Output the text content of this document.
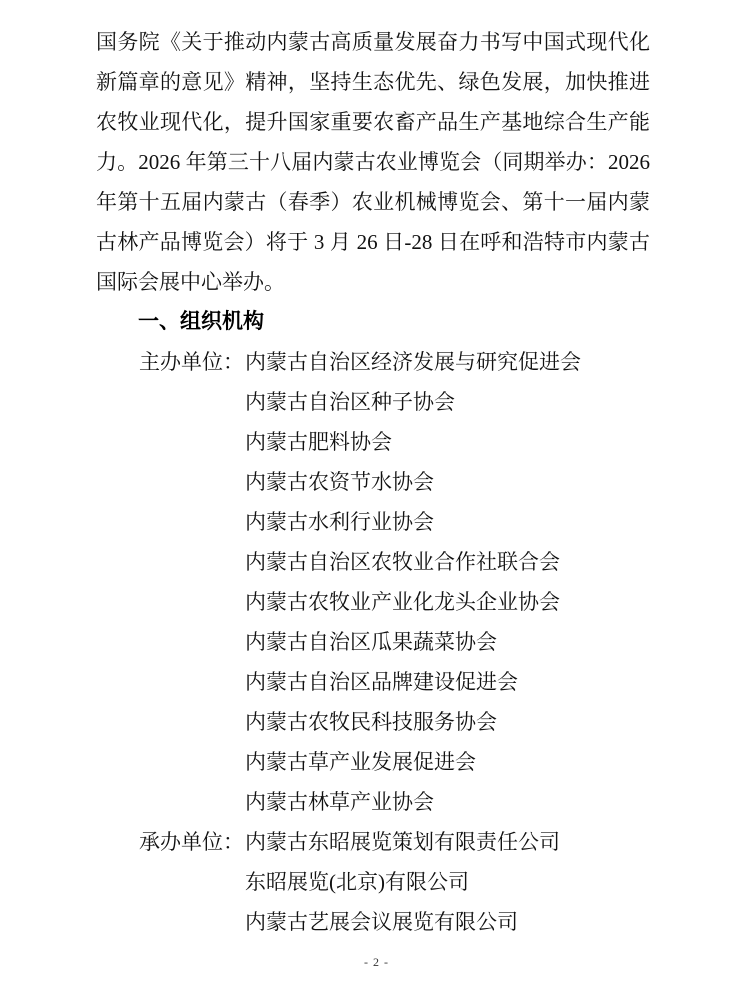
国务院《关于推动内蒙古高质量发展奋力书写中国式现代化
新篇章的意见》精神，坚持生态优先、绿色发展，加快推进
农牧业现代化，提升国家重要农畜产品生产基地综合生产能
力。2026 年第三十八届内蒙古农业博览会（同期举办：2026
年第十五届内蒙古（春季）农业机械博览会、第十一届内蒙
古林产品博览会）将于 3 月 26 日-28 日在呼和浩特市内蒙古
国际会展中心举办。
一、组织机构
主办单位： 内蒙古自治区经济发展与研究促进会
内蒙古自治区种子协会
内蒙古肥料协会
内蒙古农资节水协会
内蒙古水利行业协会
内蒙古自治区农牧业合作社联合会
内蒙古农牧业产业化龙头企业协会
内蒙古自治区瓜果蔬菜协会
内蒙古自治区品牌建设促进会
内蒙古农牧民科技服务协会
内蒙古草产业发展促进会
内蒙古林草产业协会
承办单位： 内蒙古东昭展览策划有限责任公司
东昭展览(北京)有限公司
内蒙古艺展会议展览有限公司
- 2 -
